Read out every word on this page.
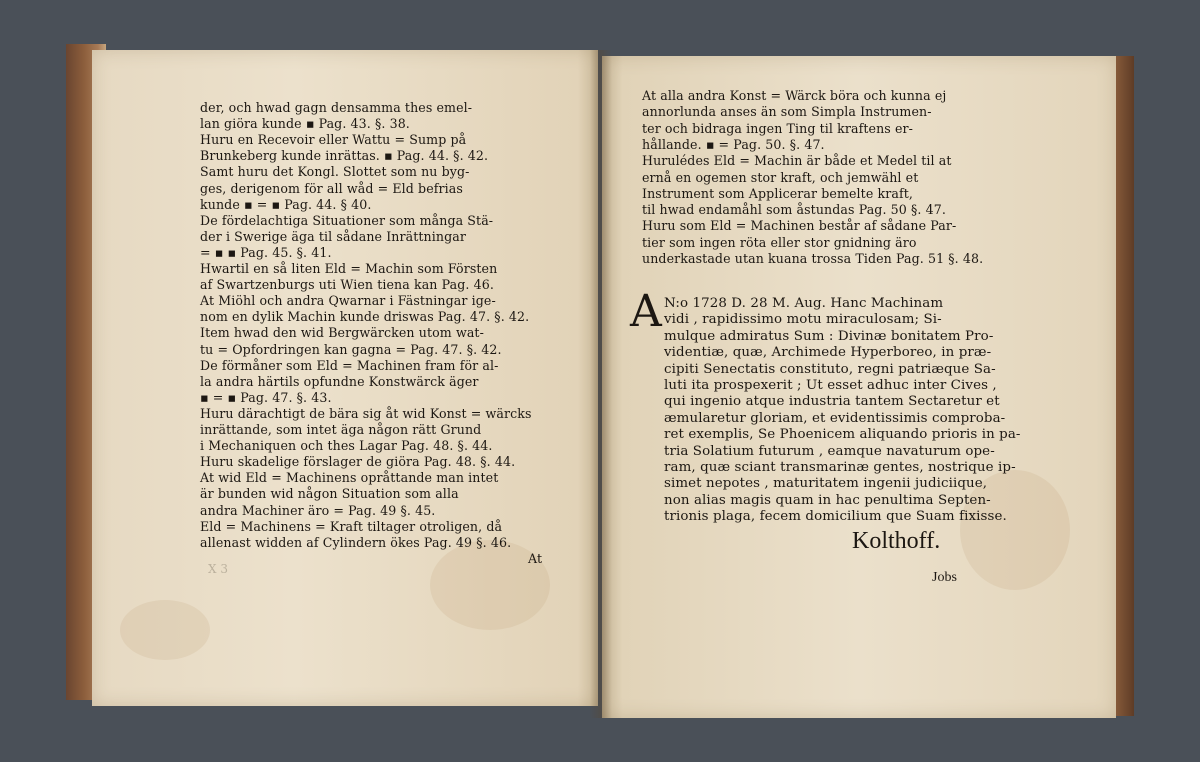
der, och hwad gagn densamma thes emel-
lan giöra kunde ▪ Pag. 43. §. 38.
Huru en Recevoir eller Wattu = Sump på
Brunkeberg kunde inrättas. ▪ Pag. 44. §. 42.
Samt huru det Kongl. Slottet som nu byg-
ges, derigenom för all wåd = Eld befrias
kunde ▪ = ▪ Pag. 44. § 40.
De fördelachtiga Situationer som många Stä-
der i Swerige äga til sådane Inrättningar
= ▪ ▪ Pag. 45. §. 41.
Hwartil en så liten Eld = Machin som Försten
af Swartzenburgs uti Wien tiena kan Pag. 46.
At Miöhl och andra Qwarnar i Fästningar ige-
nom en dylik Machin kunde driswas Pag. 47. §. 42.
Item hwad den wid Bergwärcken utom wat-
tu = Opfordringen kan gagna = Pag. 47. §. 42.
De förmåner som Eld = Machinen fram för al-
la andra härtils opfundne Konstwärck äger
▪ = ▪ Pag. 47. §. 43.
Huru därachtigt de bära sig åt wid Konst = wärcks
inrättande, som intet äga någon rätt Grund
i Mechaniquen och thes Lagar Pag. 48. §. 44.
Huru skadelige förslager de giöra Pag. 48. §. 44.
At wid Eld = Machinens opråttande man intet
är bunden wid någon Situation som alla
andra Machiner äro = Pag. 49 §. 45.
Eld = Machinens = Kraft tiltager otroligen, då
allenast widden af Cylindern ökes Pag. 49 §. 46.
At
X 3
At alla andra Konst = Wärck böra och kunna ej
annorlunda anses än som Simpla Instrumen-
ter och bidraga ingen Ting til kraftens er-
hållande. ▪ = Pag. 50. §. 47.
Hurulédes Eld = Machin är både et Medel til at
ernå en ogemen stor kraft, och jemwähl et
Instrument som Applicerar bemelte kraft,
til hwad endamåhl som åstundas Pag. 50 §. 47.
Huru som Eld = Machinen består af sådane Par-
tier som ingen röta eller stor gnidning äro
underkastade utan kuana trossa Tiden Pag. 51 §. 48.
A N:o 1728 D. 28 M. Aug. Hanc Machinam
vidi , rapidissimo motu miraculosam; Si-
mulque admiratus Sum : Divinæ bonitatem Pro-
videntiæ, quæ, Archimede Hyperboreo, in præ-
cipiti Senectatis constituto, regni patriæque Sa-
luti ita prospexerit ; Ut esset adhuc inter Cives ,
qui ingenio atque industria tantem Sectaretur et
æmularetur gloriam, et evidentissimis comproba-
ret exemplis, Se Phoenicem aliquando prioris in pa-
tria Solatium futurum , eamque navaturum ope-
ram, quæ sciant transmarinæ gentes, nostrique ip-
simet nepotes , maturitatem ingenii judiciique,
non alias magis quam in hac penultima Septen-
trionis plaga, fecem domicilium que Suam fixisse.
Kolthoff.
Jobs
